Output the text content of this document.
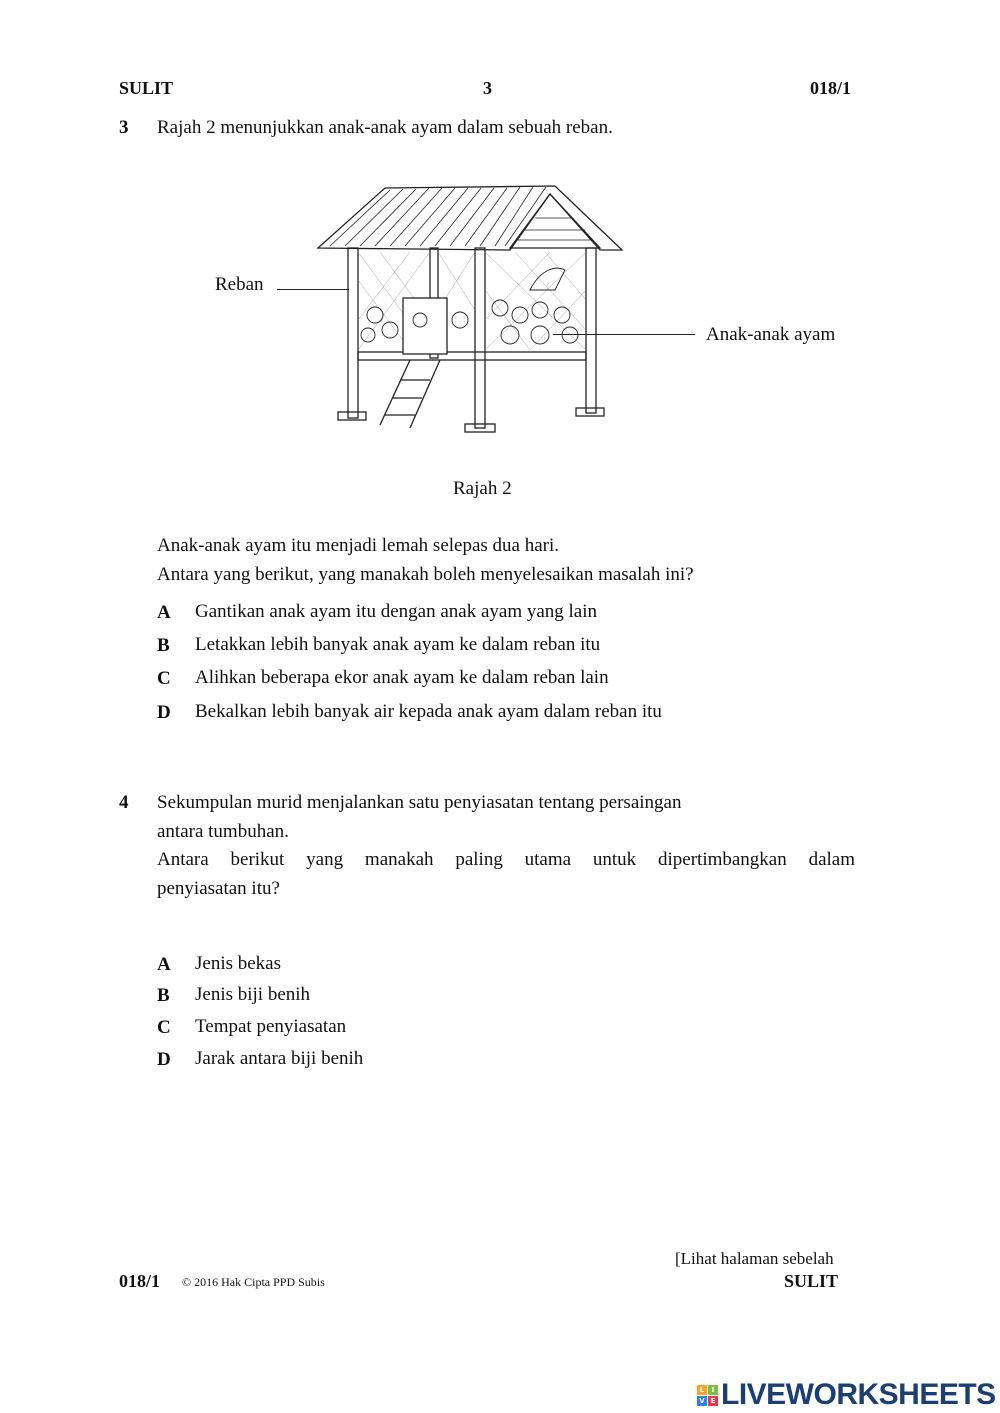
SULIT	3	018/1
3 Rajah 2 menunjukkan anak-anak ayam dalam sebuah reban.
Reban
Anak-anak ayam
Rajah 2
Anak-anak ayam itu menjadi lemah selepas dua hari.
Antara yang berikut, yang manakah boleh menyelesaikan masalah ini?
A Gantikan anak ayam itu dengan anak ayam yang lain
B Letakkan lebih banyak anak ayam ke dalam reban itu
C Alihkan beberapa ekor anak ayam ke dalam reban lain
D Bekalkan lebih banyak air kepada anak ayam dalam reban itu
4 Sekumpulan murid menjalankan satu penyiasatan tentang persaingan
antara tumbuhan.
Antara berikut yang manakah paling utama untuk dipertimbangkan dalam
penyiasatan itu?
A Jenis bekas
B Jenis biji benih
C Tempat penyiasatan
D Jarak antara biji benih
[Lihat halaman sebelah
018/1 © 2016 Hak Cipta PPD Subis	SULIT
L	I
V E LIVEWORKSHEETS
